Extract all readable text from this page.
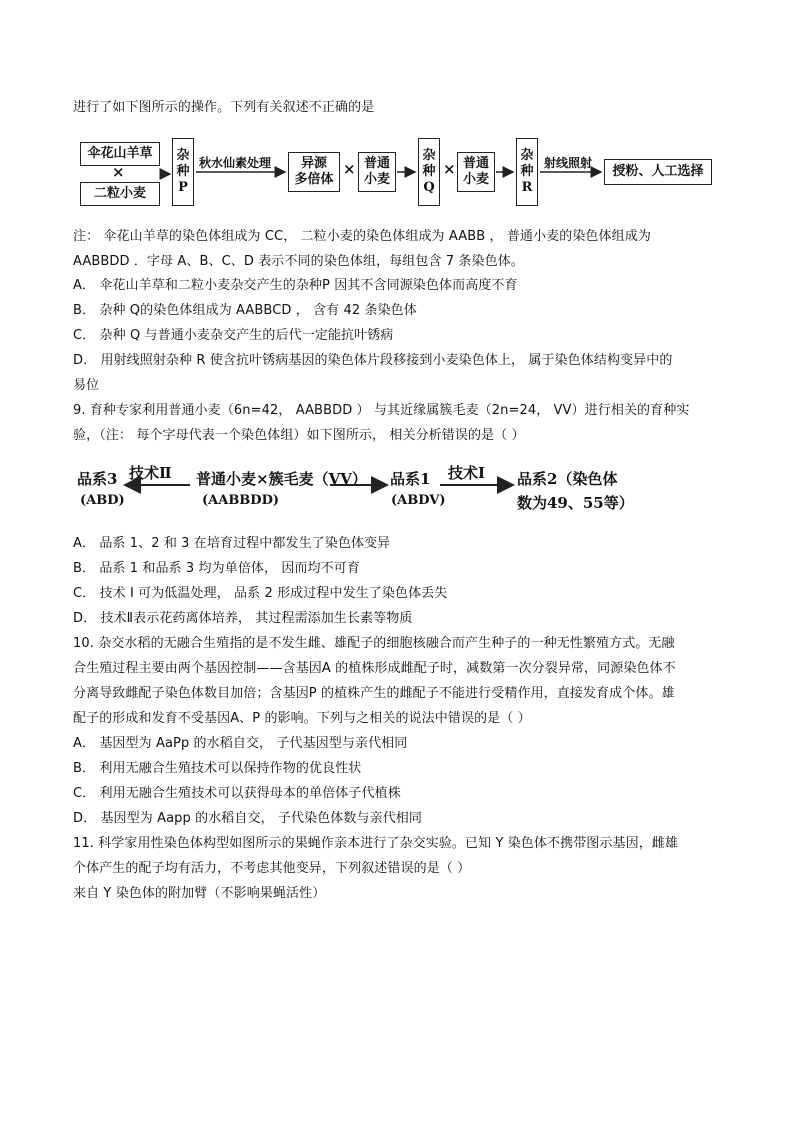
进行了如下图所示的操作。下列有关叙述不正确的是
伞花山羊草
×
二粒小麦
杂
种
P
秋水仙素处理 异源
多倍体
× 普通
小麦
杂
种
Q
× 普通
小麦
杂
种
R
射线照射
授粉、人工选择
注： 伞花山羊草的染色体组成为 CC， 二粒小麦的染色体组成为 AABB ， 普通小麦的染色体组成为
AABBDD ．字母 A、B、C、D 表示不同的染色体组，每组包含 7 条染色体。
A． 伞花山羊草和二粒小麦杂交产生的杂种P 因其不含同源染色体而高度不育
B． 杂种 Q的染色体组成为 AABBCD ， 含有 42 条染色体
C． 杂种 Q 与普通小麦杂交产生的后代一定能抗叶锈病
D． 用射线照射杂种 R 使含抗叶锈病基因的染色体片段移接到小麦染色体上， 属于染色体结构变异中的
易位
9. 育种专家利用普通小麦（6n=42， AABBDD ） 与其近缘属簇毛麦（2n=24， VV）进行相关的育种实
验，（注： 每个字母代表一个染色体组）如下图所示， 相关分析错误的是（ ）
品系3
(ABD)
技术Ⅱ 普通小麦×簇毛麦（VV）
(AABBDD)
品系1
(ABDV)
技术Ⅰ 品系2（染色体
数为49、55等）
A． 品系 1、2 和 3 在培育过程中都发生了染色体变异
B． 品系 1 和品系 3 均为单倍体， 因而均不可育
C． 技术 I 可为低温处理， 品系 2 形成过程中发生了染色体丢失
D． 技术Ⅱ表示花药离体培养， 其过程需添加生长素等物质
10. 杂交水稻的无融合生殖指的是不发生雌、雄配子的细胞核融合而产生种子的一种无性繁殖方式。无融
合生殖过程主要由两个基因控制——含基因A 的植株形成雌配子时，减数第一次分裂异常，同源染色体不
分离导致雌配子染色体数目加倍；含基因P 的植株产生的雌配子不能进行受精作用，直接发育成个体。雄
配子的形成和发育不受基因A、P 的影响。下列与之相关的说法中错误的是（ ）
A． 基因型为 AaPp 的水稻自交， 子代基因型与亲代相同
B． 利用无融合生殖技术可以保持作物的优良性状
C． 利用无融合生殖技术可以获得母本的单倍体子代植株
D． 基因型为 Aapp 的水稻自交， 子代染色体数与亲代相同
11. 科学家用性染色体构型如图所示的果蝇作亲本进行了杂交实验。已知 Y 染色体不携带图示基因，雌雄
个体产生的配子均有活力，不考虑其他变异，下列叙述错误的是（ ）
来自 Y 染色体的附加臂（不影响果蝇活性）
